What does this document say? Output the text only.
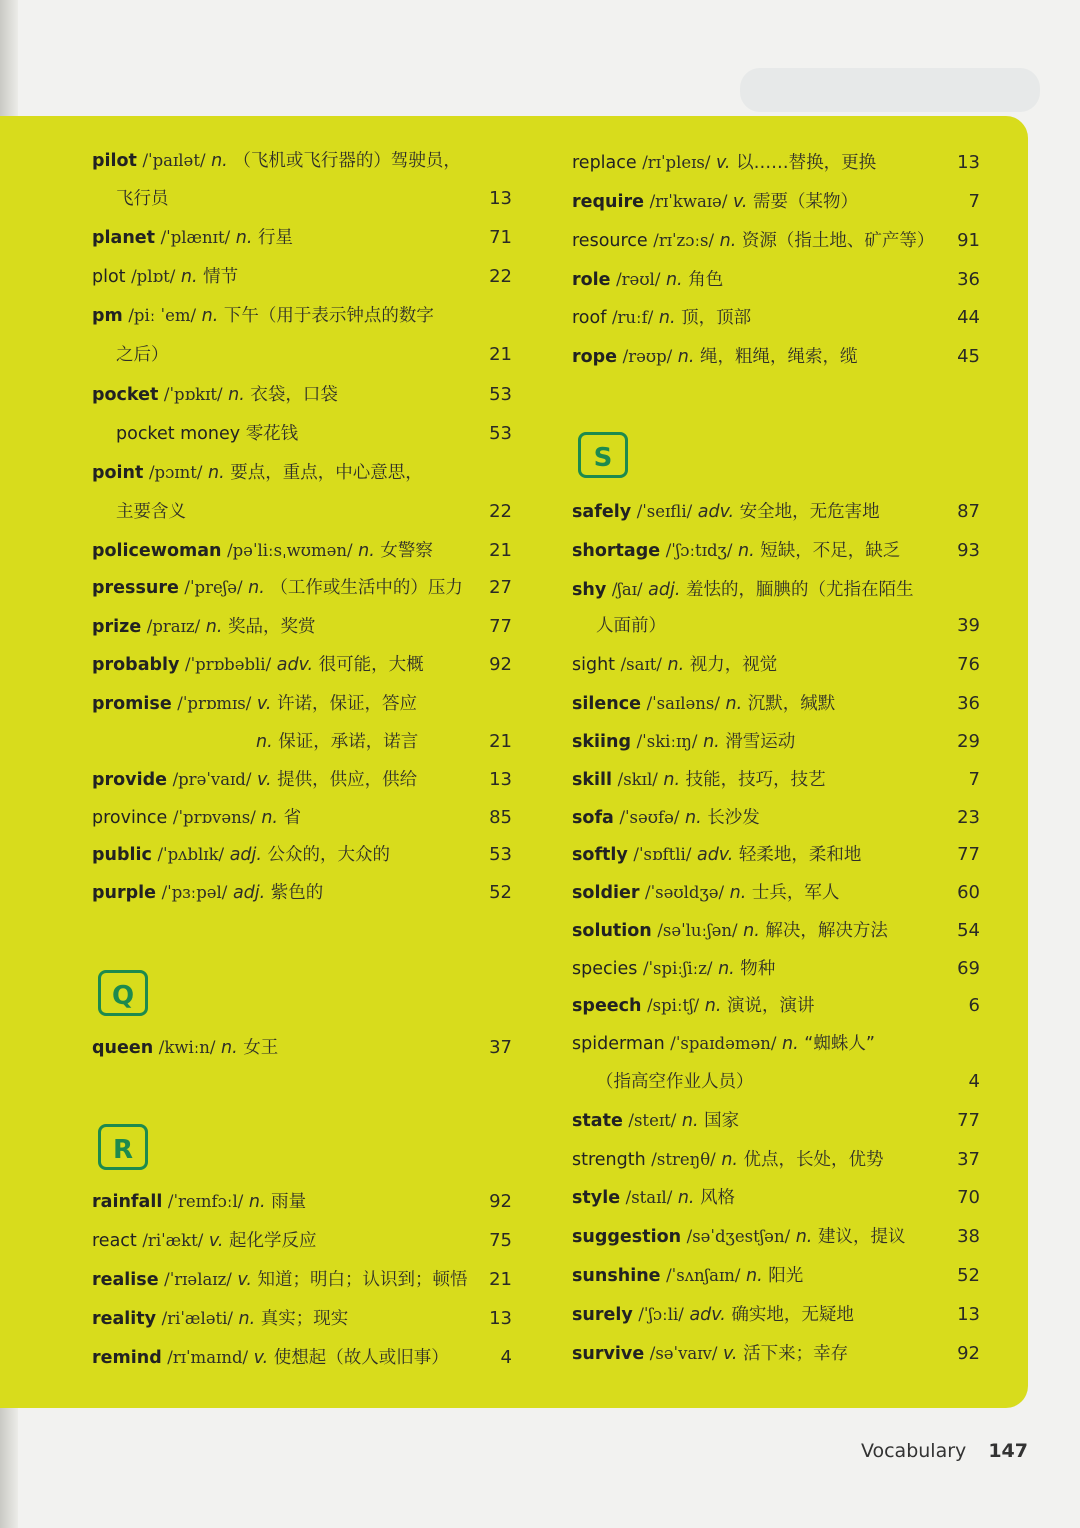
pilot /ˈpaɪlət/ n. （飞机或飞行器的）驾驶员，
飞行员	13
planet /ˈplænɪt/ n. 行星	71
plot /plɒt/ n. 情节	22
pm /piː ˈem/ n. 下午（用于表示钟点的数字
之后）	21
pocket /ˈpɒkɪt/ n. 衣袋，口袋	53
pocket money 零花钱	53
point /pɔɪnt/ n. 要点，重点，中心意思，
主要含义	22
policewoman /pəˈliːsˌwʊmən/ n. 女警察	21
pressure /ˈpreʃə/ n. （工作或生活中的）压力 27
prize /praɪz/ n. 奖品，奖赏	77
probably /ˈprɒbəbli/ adv. 很可能，大概	92
promise /ˈprɒmɪs/ v. 许诺，保证，答应
n. 保证，承诺，诺言	21
provide /prəˈvaɪd/ v. 提供，供应，供给	13
province /ˈprɒvəns/ n. 省	85
public /ˈpʌblɪk/ adj. 公众的，大众的	53
purple /ˈpɜːpəl/ adj. 紫色的	52
Q
queen /kwiːn/ n. 女王	37
R
rainfall /ˈreɪnfɔːl/ n. 雨量	92
react /riˈækt/ v. 起化学反应	75
realise /ˈrɪəlaɪz/ v. 知道；明白；认识到；顿悟 21
reality /riˈæləti/ n. 真实；现实	13
remind /rɪˈmaɪnd/ v. 使想起（故人或旧事）	4
replace /rɪˈpleɪs/ v. 以……替换，更换	13
require /rɪˈkwaɪə/ v. 需要（某物）	7
resource /rɪˈzɔːs/ n. 资源（指土地、矿产等） 91
role /rəʊl/ n. 角色	36
roof /ruːf/ n. 顶，顶部	44
rope /rəʊp/ n. 绳，粗绳，绳索，缆	45
S
safely /ˈseɪfli/ adv. 安全地，无危害地	87
shortage /ˈʃɔːtɪdʒ/ n. 短缺，不足，缺乏	93
shy /ʃaɪ/ adj. 羞怯的，腼腆的（尤指在陌生
人面前）	39
sight /saɪt/ n. 视力，视觉	76
silence /ˈsaɪləns/ n. 沉默，缄默	36
skiing /ˈskiːɪŋ/ n. 滑雪运动	29
skill /skɪl/ n. 技能，技巧，技艺	7
sofa /ˈsəʊfə/ n. 长沙发	23
softly /ˈsɒftli/ adv. 轻柔地，柔和地	77
soldier /ˈsəʊldʒə/ n. 士兵，军人	60
solution /səˈluːʃən/ n. 解决，解决方法	54
species /ˈspiːʃiːz/ n. 物种	69
speech /spiːtʃ/ n. 演说，演讲	6
spiderman /ˈspaɪdəmən/ n. “蜘蛛人”
（指高空作业人员）	4
state /steɪt/ n. 国家	77
strength /streŋθ/ n. 优点，长处，优势	37
style /staɪl/ n. 风格	70
suggestion /səˈdʒestʃən/ n. 建议，提议	38
sunshine /ˈsʌnʃaɪn/ n. 阳光	52
surely /ˈʃɔːli/ adv. 确实地，无疑地	13
survive /səˈvaɪv/ v. 活下来；幸存	92
Vocabulary 147
